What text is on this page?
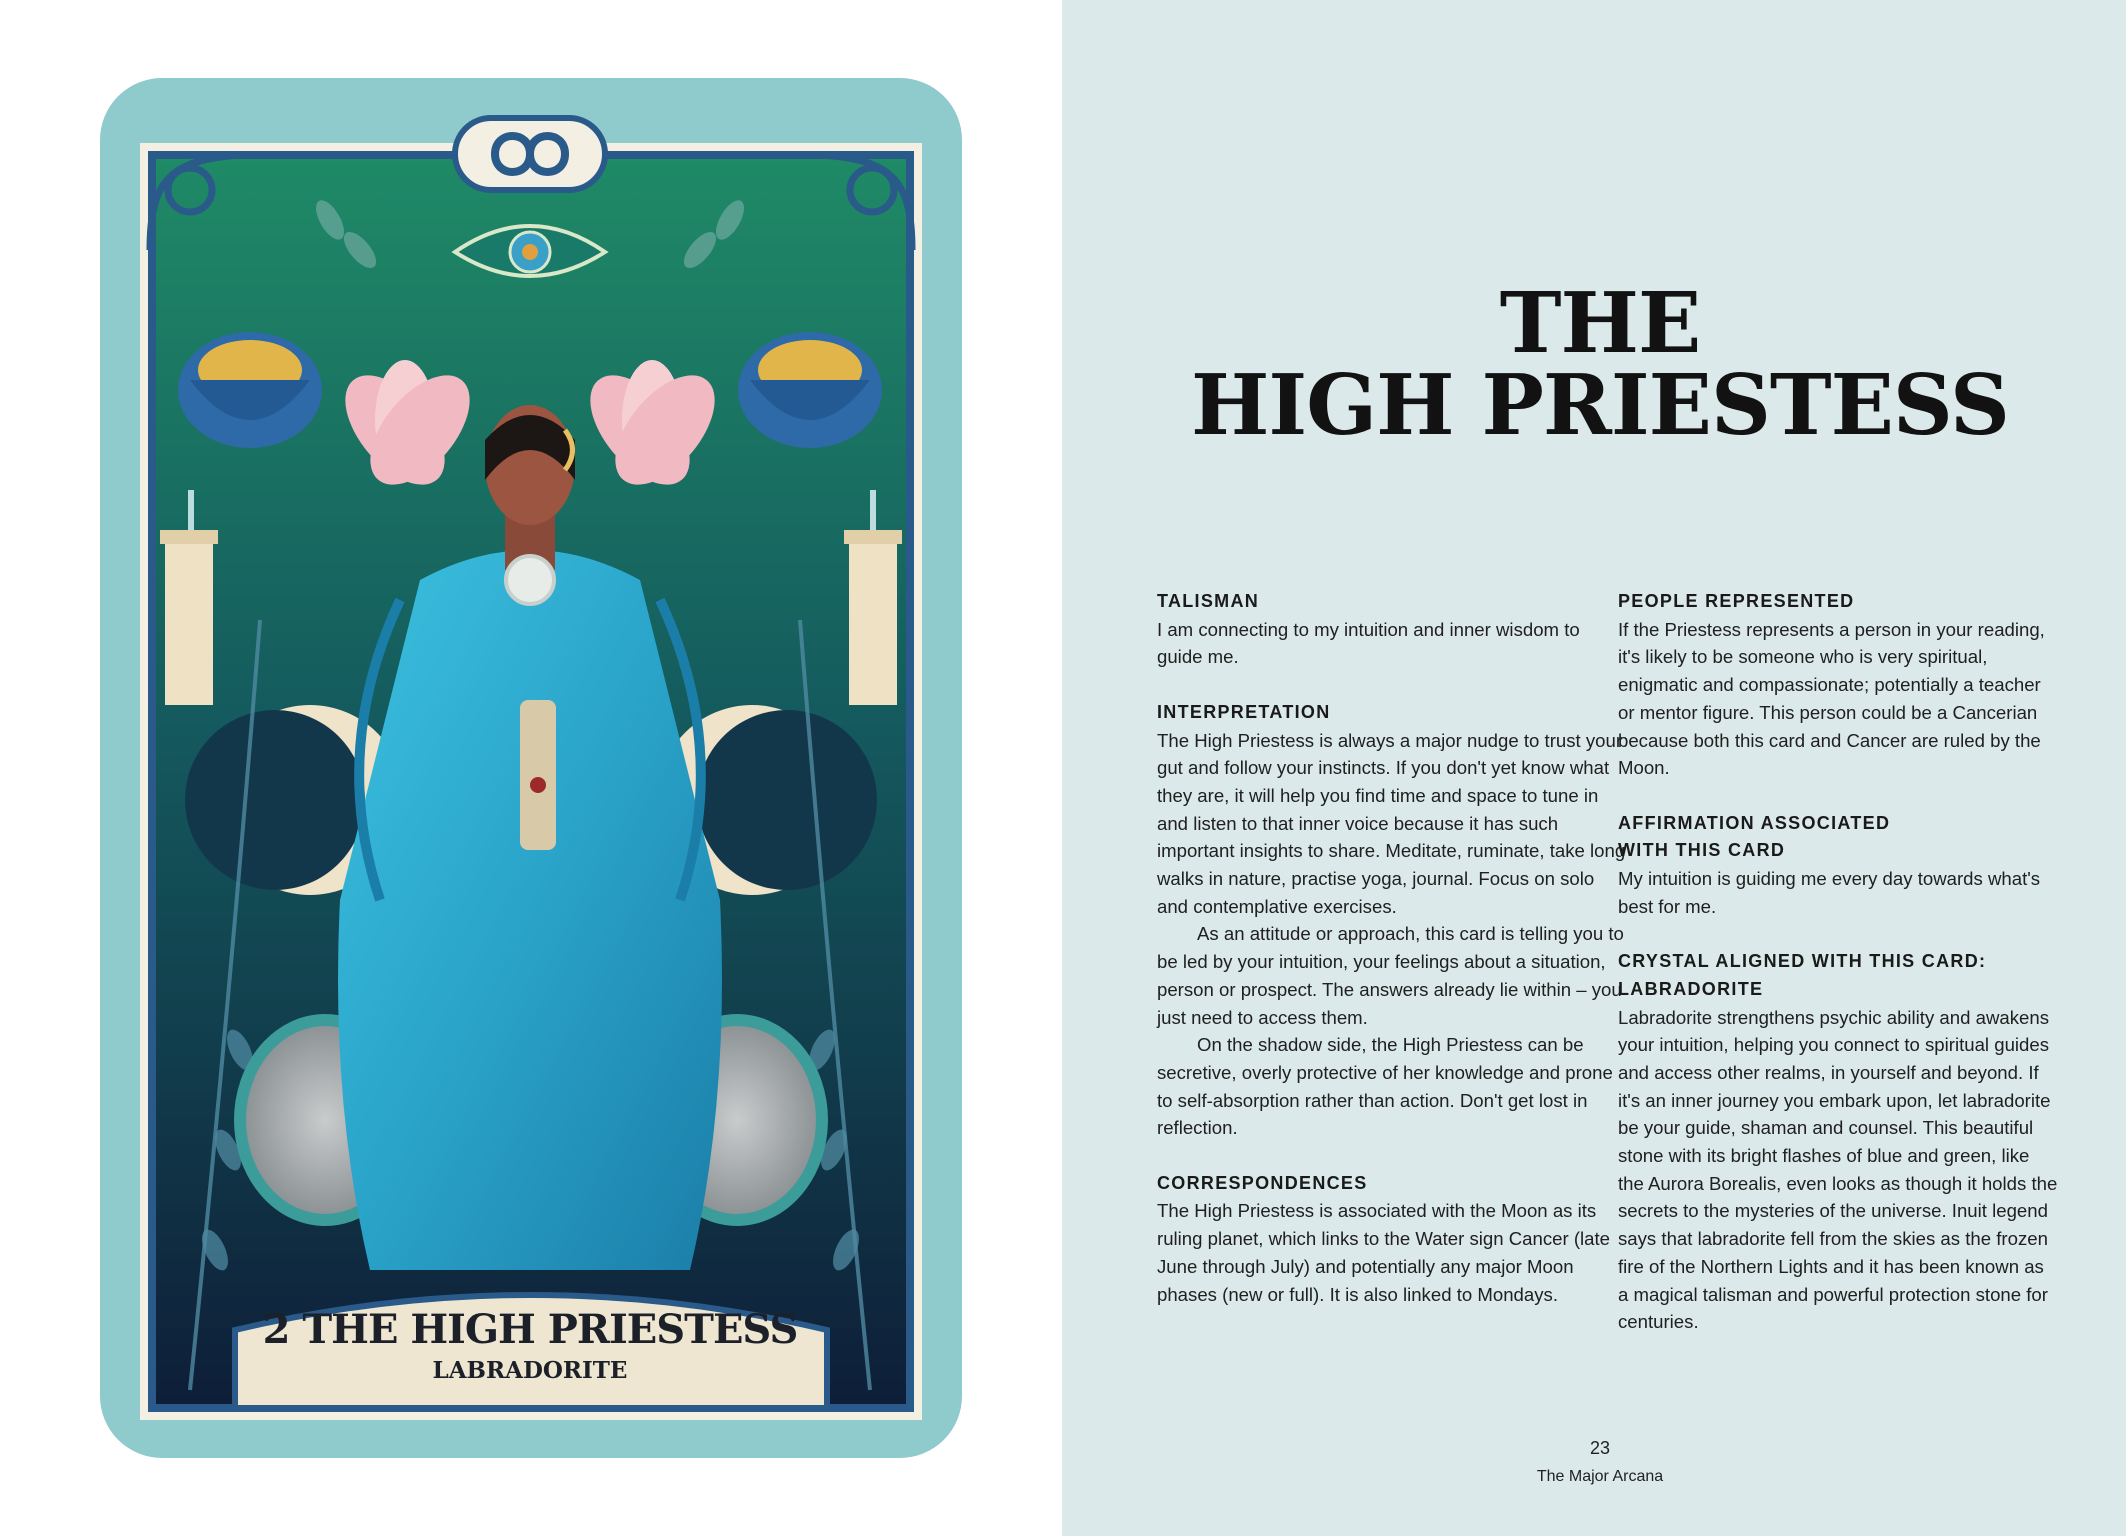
2 THE HIGH PRIESTESS
LABRADORITE
THE
HIGH PRIESTESS
TALISMAN

I am connecting to my intuition and inner wisdom to guide me.

INTERPRETATION

The High Priestess is always a major nudge to trust your gut and follow your instincts. If you don't yet know what they are, it will help you find time and space to tune in and listen to that inner voice because it has such important insights to share. Meditate, ruminate, take long walks in nature, practise yoga, journal. Focus on solo and contemplative exercises.

As an attitude or approach, this card is telling you to be led by your intuition, your feelings about a situation, person or prospect. The answers already lie within – you just need to access them.

On the shadow side, the High Priestess can be secretive, overly protective of her knowledge and prone to self-absorption rather than action. Don't get lost in reflection.

CORRESPONDENCES

The High Priestess is associated with the Moon as its ruling planet, which links to the Water sign Cancer (late June through July) and potentially any major Moon phases (new or full). It is also linked to Mondays.

PEOPLE REPRESENTED

If the Priestess represents a person in your reading, it's likely to be someone who is very spiritual, enigmatic and compassionate; potentially a teacher or mentor figure. This person could be a Cancerian because both this card and Cancer are ruled by the Moon.

AFFIRMATION ASSOCIATED
WITH THIS CARD

My intuition is guiding me every day towards what's best for me.

CRYSTAL ALIGNED WITH THIS CARD:
LABRADORITE

Labradorite strengthens psychic ability and awakens your intuition, helping you connect to spiritual guides and access other realms, in yourself and beyond. If it's an inner journey you embark upon, let labradorite be your guide, shaman and counsel. This beautiful stone with its bright flashes of blue and green, like the Aurora Borealis, even looks as though it holds the secrets to the mysteries of the universe. Inuit legend says that labradorite fell from the skies as the frozen fire of the Northern Lights and it has been known as a magical talisman and powerful protection stone for centuries.

23
The Major Arcana
